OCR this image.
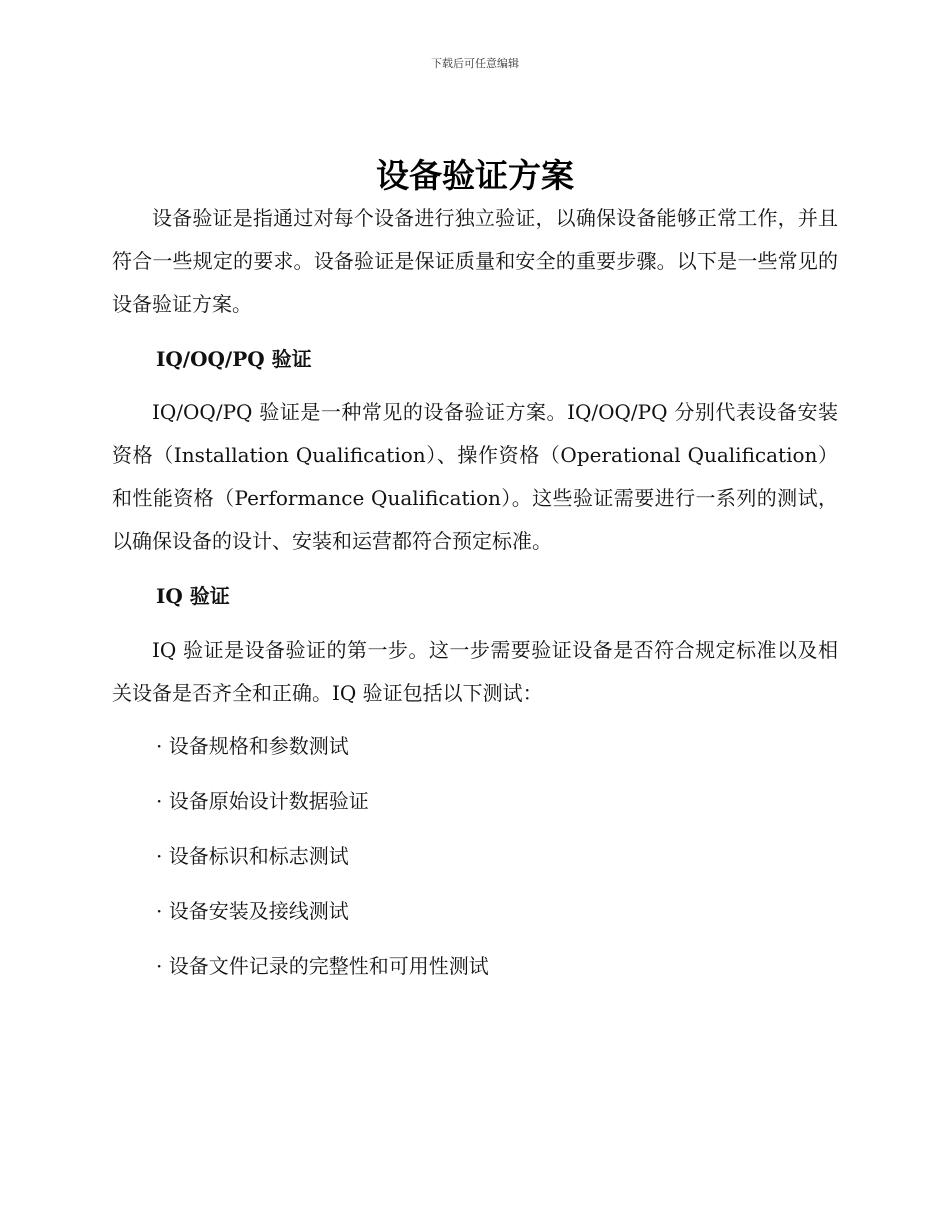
下载后可任意编辑
设备验证方案

设备验证是指通过对每个设备进行独立验证，以确保设备能够正常工作，并且符合一些规定的要求。设备验证是保证质量和安全的重要步骤。以下是一些常见的设备验证方案。

IQ/OQ/PQ 验证

IQ/OQ/PQ 验证是一种常见的设备验证方案。IQ/OQ/PQ 分别代表设备安装资格（Installation Qualification）、操作资格（Operational Qualification）和性能资格（Performance Qualification）。这些验证需要进行一系列的测试，以确保设备的设计、安装和运营都符合预定标准。

IQ 验证

IQ 验证是设备验证的第一步。这一步需要验证设备是否符合规定标准以及相关设备是否齐全和正确。IQ 验证包括以下测试：

· 设备规格和参数测试
· 设备原始设计数据验证
· 设备标识和标志测试
· 设备安装及接线测试
· 设备文件记录的完整性和可用性测试
